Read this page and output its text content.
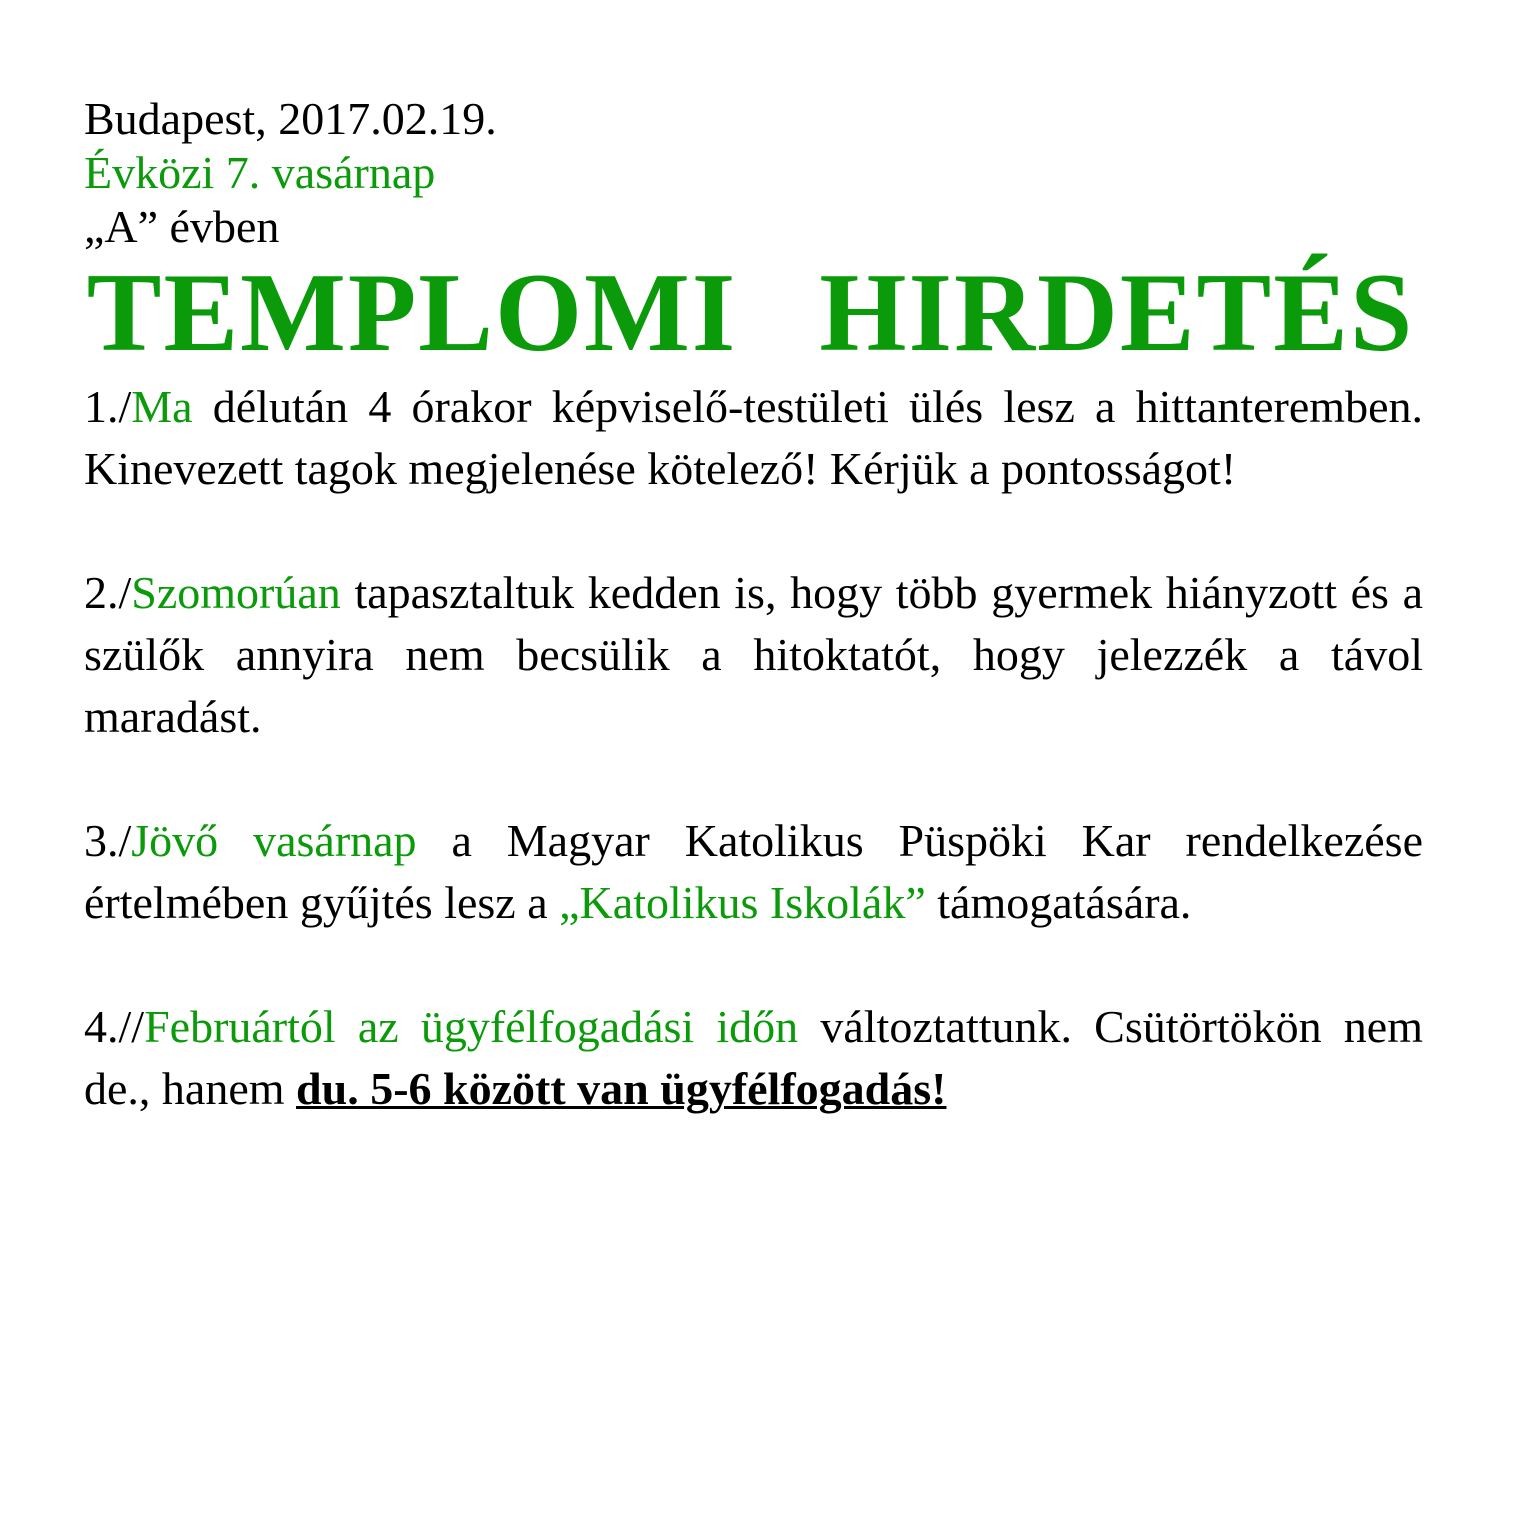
Budapest, 2017.02.19.
Évközi 7. vasárnap
„A” évben
TEMPLOMI HIRDETÉS

1./Ma délután 4 órakor képviselő-testületi ülés lesz a hittanteremben. Kinevezett tagok megjelenése kötelező! Kérjük a pontosságot!

2./Szomorúan tapasztaltuk kedden is, hogy több gyermek hiányzott és a szülők annyira nem becsülik a hitoktatót, hogy jelezzék a távol maradást.

3./Jövő vasárnap a Magyar Katolikus Püspöki Kar rendelkezése értelmében gyűjtés lesz a „Katolikus Iskolák” támogatására.

4.//Februártól az ügyfélfogadási időn változtattunk. Csütörtökön nem de., hanem du. 5-6 között van ügyfélfogadás!
